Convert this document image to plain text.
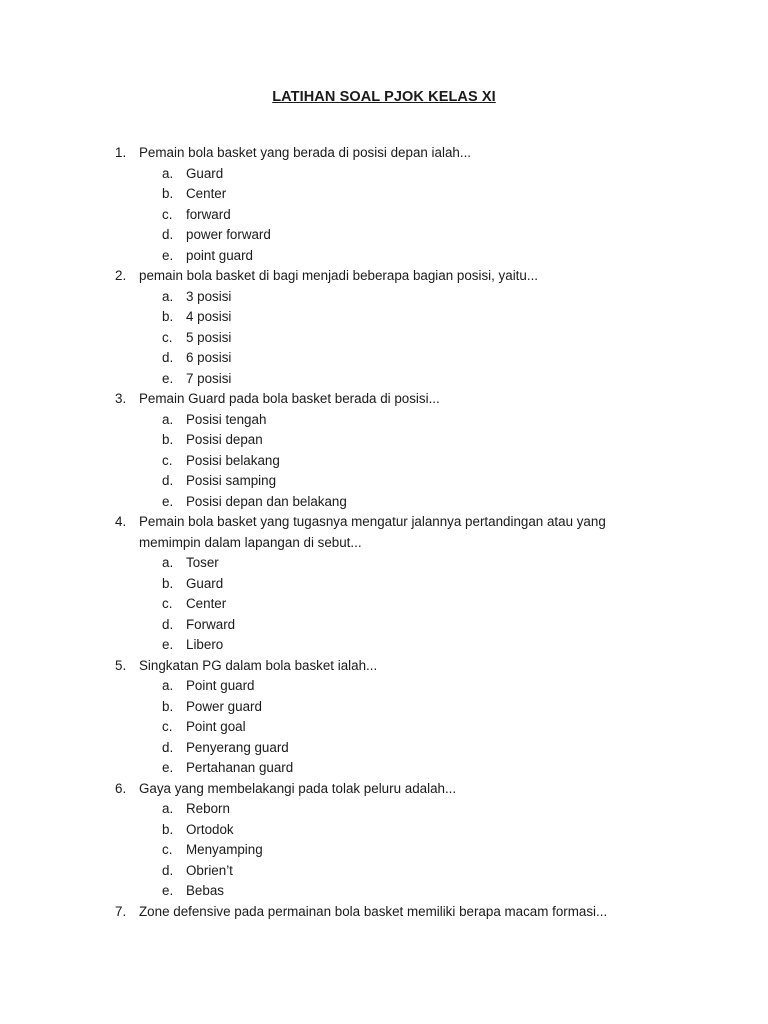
LATIHAN SOAL PJOK KELAS XI
1. Pemain bola basket yang berada di posisi depan ialah...
a. Guard
b. Center
c. forward
d. power forward
e. point guard
2. pemain bola basket di bagi menjadi beberapa bagian posisi, yaitu...
a. 3 posisi
b. 4 posisi
c. 5 posisi
d. 6 posisi
e. 7 posisi
3. Pemain Guard pada bola basket berada di posisi...
a. Posisi tengah
b. Posisi depan
c. Posisi belakang
d. Posisi samping
e. Posisi depan dan belakang
4. Pemain bola basket yang tugasnya mengatur jalannya pertandingan atau yang
memimpin dalam lapangan di sebut...
a. Toser
b. Guard
c. Center
d. Forward
e. Libero
5. Singkatan PG dalam bola basket ialah...
a. Point guard
b. Power guard
c. Point goal
d. Penyerang guard
e. Pertahanan guard
6. Gaya yang membelakangi pada tolak peluru adalah...
a. Reborn
b. Ortodok
c. Menyamping
d. Obrien’t
e. Bebas
7. Zone defensive pada permainan bola basket memiliki berapa macam formasi...
